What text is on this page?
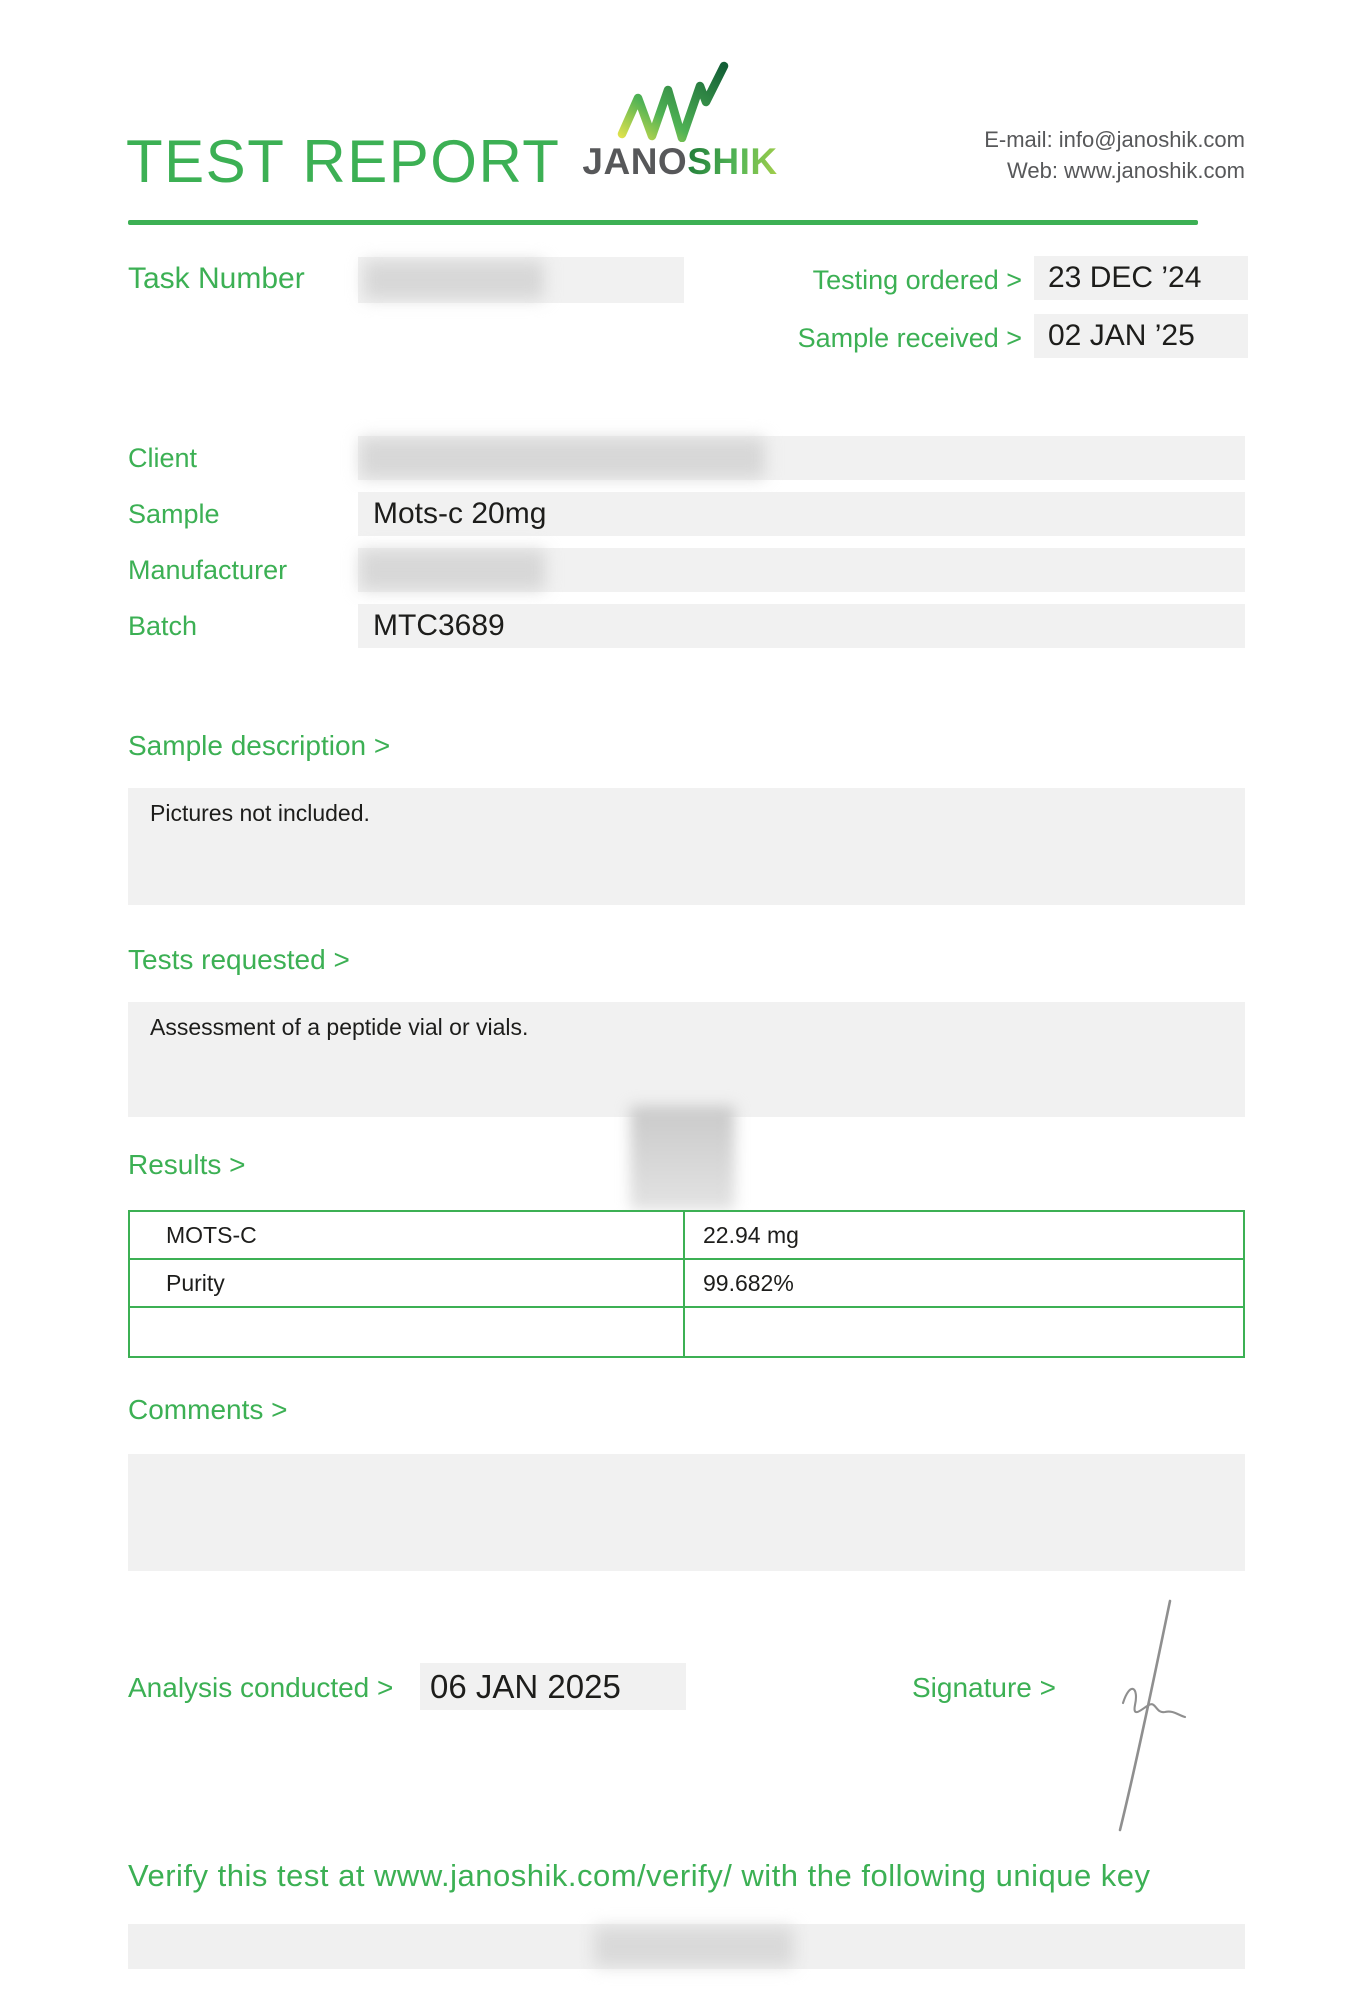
TEST REPORT JANOSHIK
E-mail: info@janoshik.com
Web: www.janoshik.com
Task Number	Testing ordered > 23 DEC ’24
Sample received > 02 JAN ’25
Client
Sample	Mots-c 20mg
Manufacturer
Batch	MTC3689
Sample description >
Pictures not included.
Tests requested >
Assessment of a peptide vial or vials.
Results >
MOTS-C	22.94 mg
Purity	99.682%
Comments >
Analysis conducted >	06 JAN 2025	Signature >
Verify this test at www.janoshik.com/verify/ with the following unique key
